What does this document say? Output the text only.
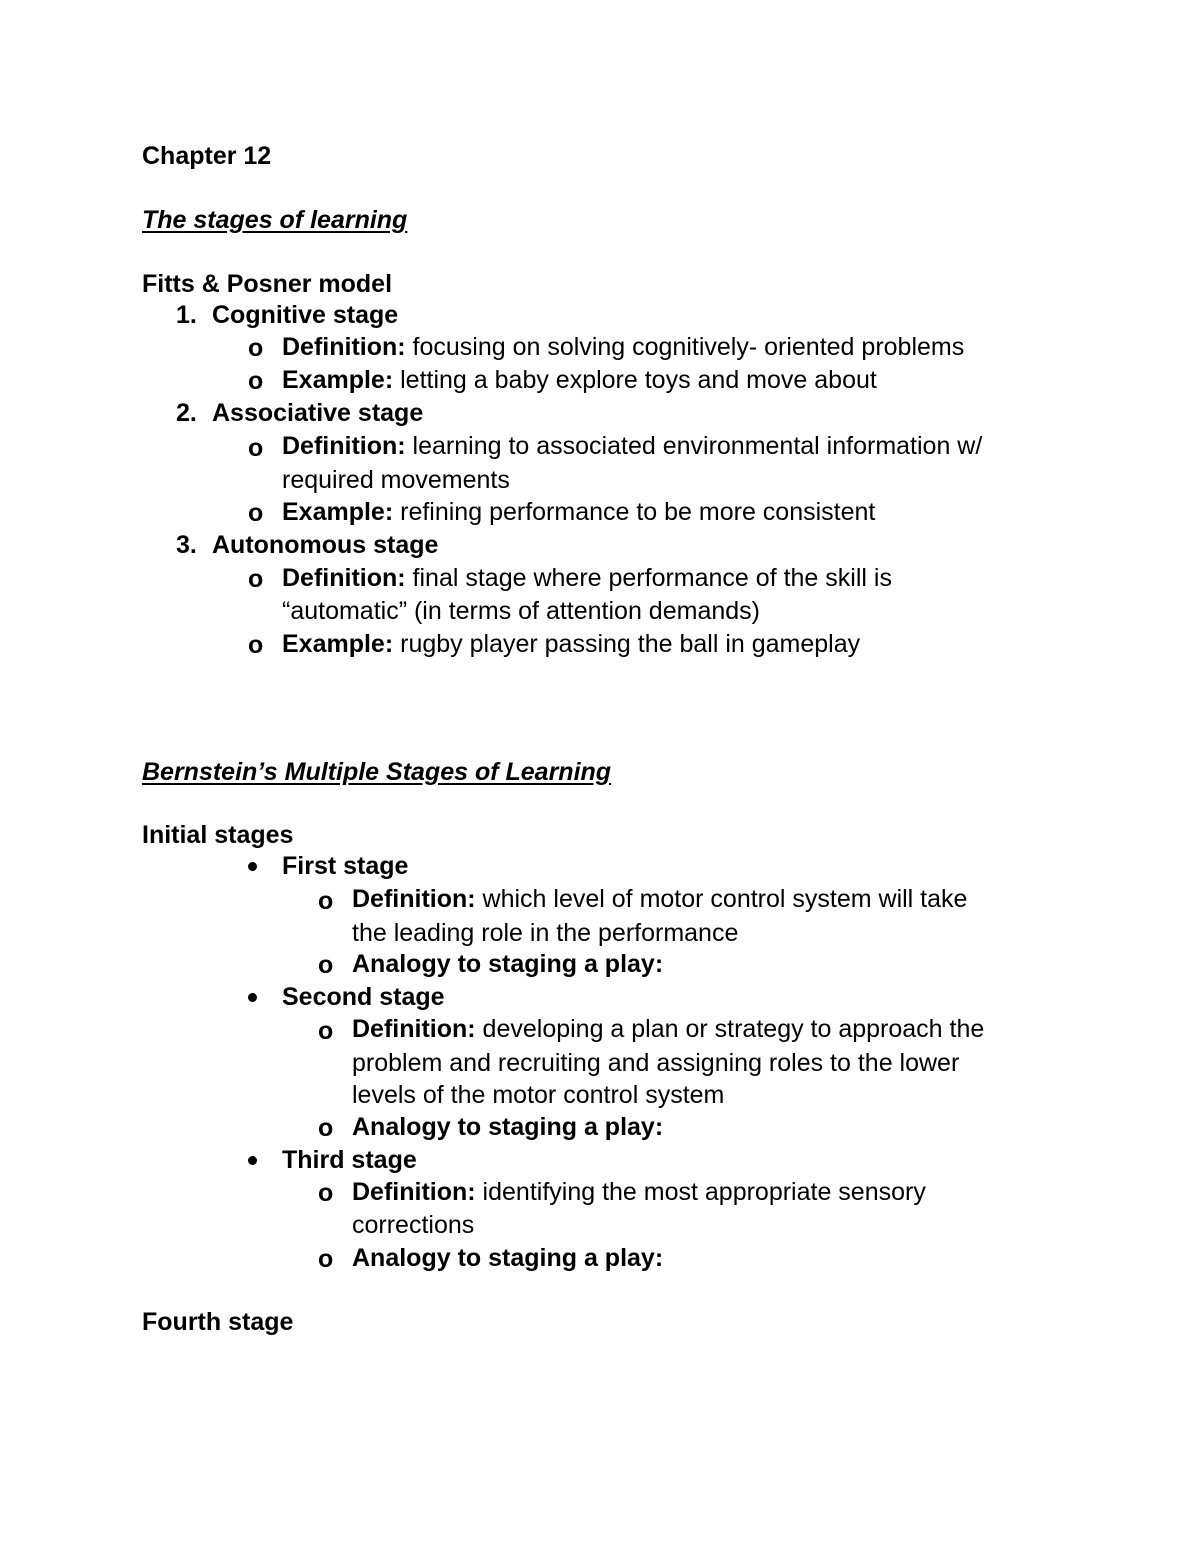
Chapter 12
The stages of learning
Fitts & Posner model
1. Cognitive stage
o Definition: focusing on solving cognitively- oriented problems
o Example: letting a baby explore toys and move about
2. Associative stage
o Definition: learning to associated environmental information w/
required movements
o Example: refining performance to be more consistent
3. Autonomous stage
o Definition: final stage where performance of the skill is
“automatic” (in terms of attention demands)
o Example: rugby player passing the ball in gameplay
Bernstein’s Multiple Stages of Learning
Initial stages
First stage
o Definition: which level of motor control system will take
the leading role in the performance
o Analogy to staging a play:
Second stage
o Definition: developing a plan or strategy to approach the
problem and recruiting and assigning roles to the lower
levels of the motor control system
o Analogy to staging a play:
Third stage
o Definition: identifying the most appropriate sensory
corrections
o Analogy to staging a play:
Fourth stage
